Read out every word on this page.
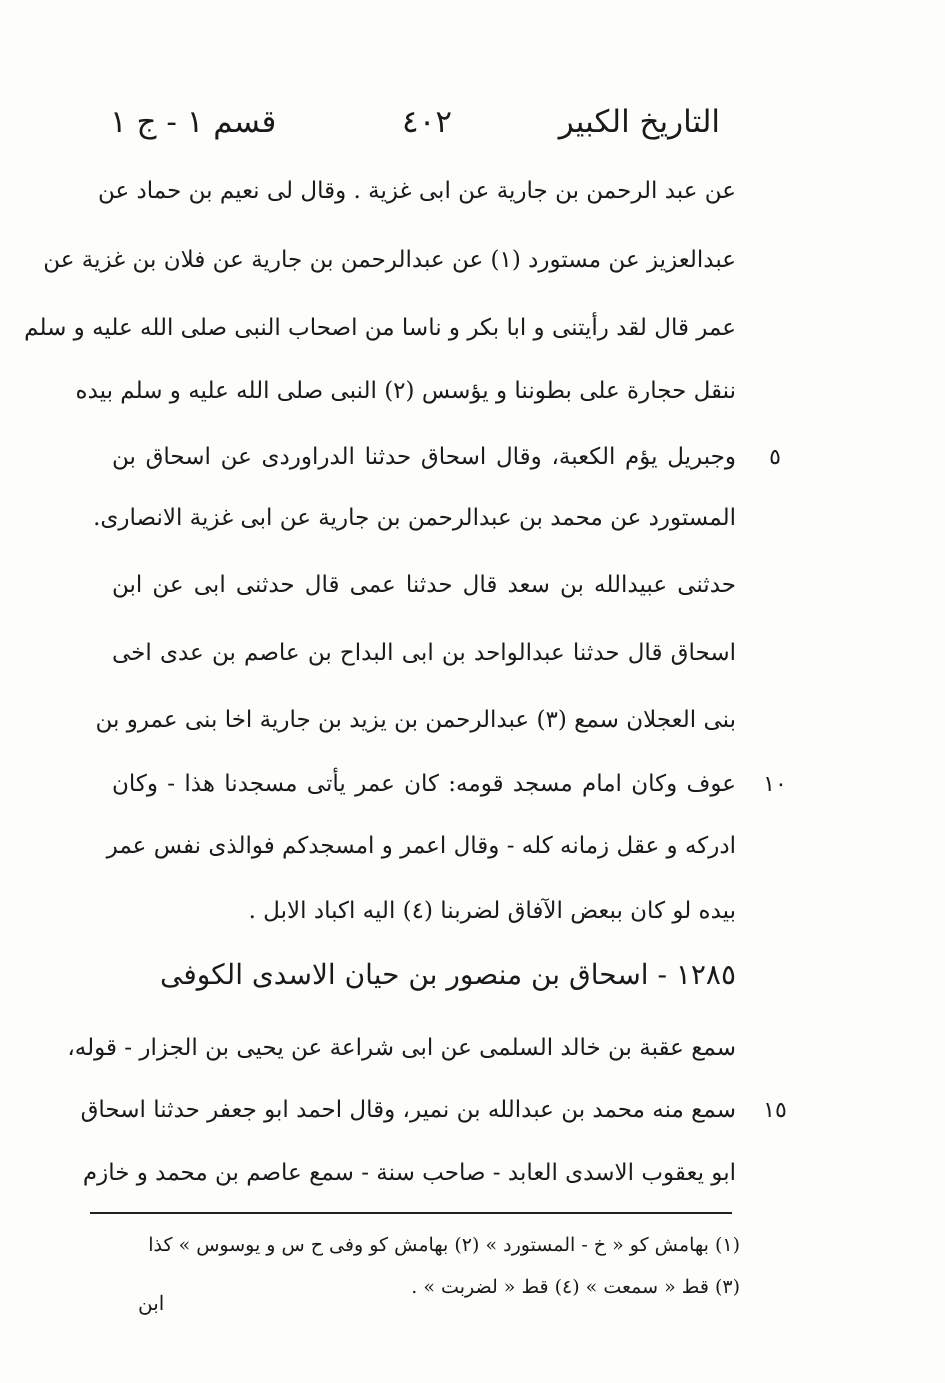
التاريخ الكبير
٤٠٢
قسم ١ - ج ١
عن عبد الرحمن بن جارية عن ابى غزية . وقال لى نعيم بن حماد عن
عبدالعزيز عن مستورد (١) عن عبدالرحمن بن جارية عن فلان بن غزية عن
عمر قال لقد رأيتنى و ابا بكر و ناسا من اصحاب النبى صلى الله عليه و سلم
ننقل حجارة على بطوننا و يؤسس (٢) النبى صلى الله عليه و سلم بيده
وجبريل يؤم الكعبة، وقال اسحاق حدثنا الدراوردى عن اسحاق بن
المستورد عن محمد بن عبدالرحمن بن جارية عن ابى غزية الانصارى.
حدثنى عبيدالله بن سعد قال حدثنا عمى قال حدثنى ابى عن ابن
اسحاق قال حدثنا عبدالواحد بن ابى البداح بن عاصم بن عدى اخى
بنى العجلان سمع (٣) عبدالرحمن بن يزيد بن جارية اخا بنى عمرو بن
عوف وكان امام مسجد قومه: كان عمر يأتى مسجدنا هذا - وكان
ادركه و عقل زمانه كله - وقال اعمر و امسجدكم فوالذى نفس عمر
بيده لو كان ببعض الآفاق لضربنا (٤) اليه اكباد الابل .
١٢٨٥ - اسحاق بن منصور بن حيان الاسدى الكوفى
سمع عقبة بن خالد السلمى عن ابى شراعة عن يحيى بن الجزار - قوله،
سمع منه محمد بن عبدالله بن نمير، وقال احمد ابو جعفر حدثنا اسحاق
ابو يعقوب الاسدى العابد - صاحب سنة - سمع عاصم بن محمد و خازم
٥
١٠
١٥
(١) بهامش كو « خ - المستورد » (٢) بهامش كو وفى ح س و يوسوس » كذا
(٣) قط « سمعت » (٤) قط « لضربت » .
ابن
